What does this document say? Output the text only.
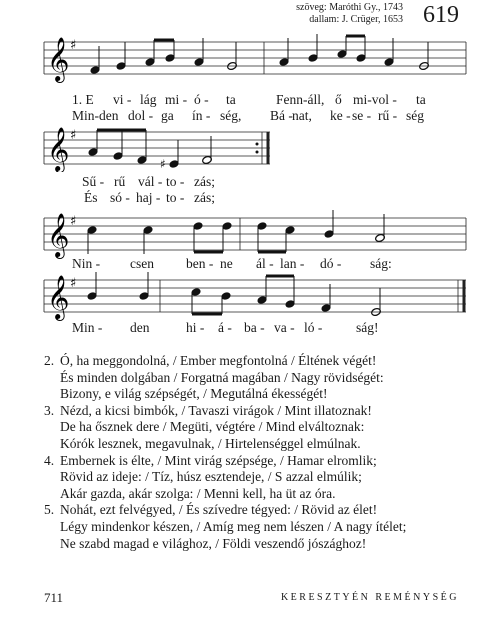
szöveg: Maróthi Gy., 1743
dallam: J. Crüger, 1653 619
𝄞 ♯
1. E vi - lág mi - ó - ta	Fenn-áll, ő mi-vol - ta
Min-den dol - ga ín - ség, Bá - nat, ke - se - rű - ség
𝄞 ♯
♯
Sű - rű vál - to - zás;
És só - haj - to - zás;
𝄞 ♯
Nin - csen ben - ne ál - lan - dó - ság:
𝄞 ♯
Min - den	hi - á - ba - va - ló - ság!
2. Ó, ha meggondolná, / Ember megfontolná / Éltének végét!
És minden dolgában / Forgatná magában / Nagy rövidségét:
Bizony, e világ szépségét, / Megutálná ékességét!
3. Nézd, a kicsi bimbók, / Tavaszi virágok / Mint illatoznak!
De ha ősznek dere / Megüti, végtére / Mind elváltoznak:
Kórók lesznek, megavulnak, / Hirtelenséggel elmúlnak.
4. Embernek is élte, / Mint virág szépsége, / Hamar elromlik;
Rövid az ideje: / Tíz, húsz esztendeje, / S azzal elmúlik;
Akár gazda, akár szolga: / Menni kell, ha üt az óra.
5. Nohát, ezt felvégyed, / És szívedre tégyed: / Rövid az élet!
Légy mindenkor készen, / Amíg meg nem lészen / A nagy ítélet;
Ne szabd magad e világhoz, / Földi veszendő jószághoz!
711	KERESZTYÉN REMÉNYSÉG
